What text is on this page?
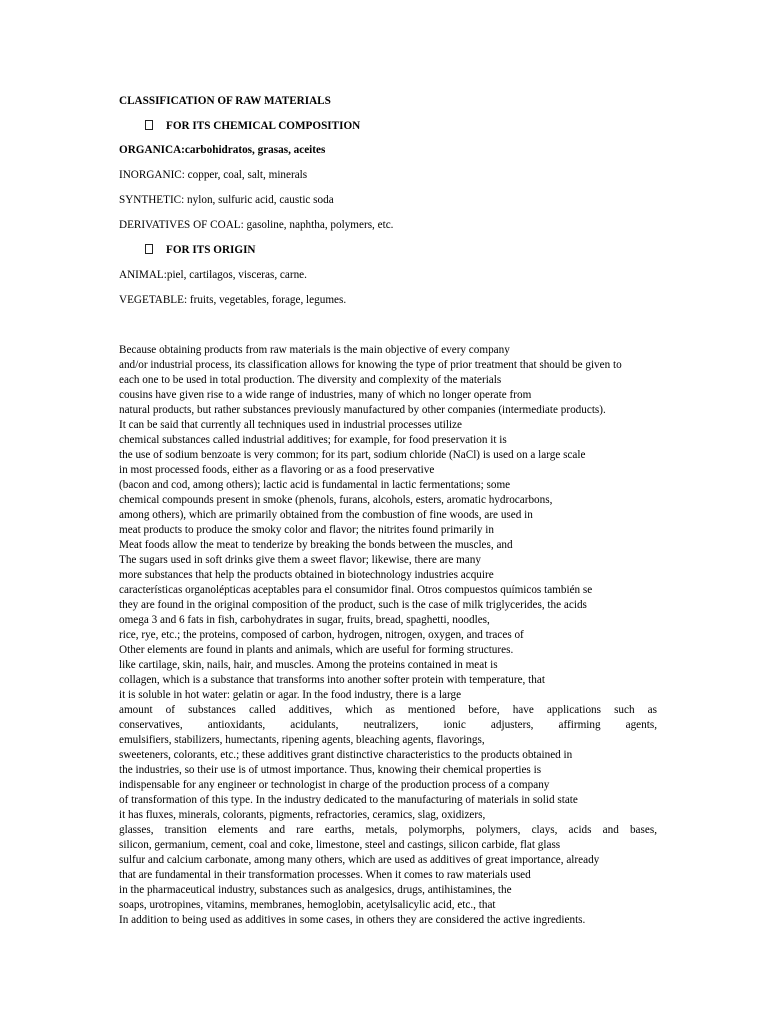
CLASSIFICATION OF RAW MATERIALS
FOR ITS CHEMICAL COMPOSITION
ORGANICA:carbohidratos, grasas, aceites
INORGANIC: copper, coal, salt, minerals
SYNTHETIC: nylon, sulfuric acid, caustic soda
DERIVATIVES OF COAL: gasoline, naphtha, polymers, etc.
FOR ITS ORIGIN
ANIMAL:piel, cartilagos, visceras, carne.
VEGETABLE: fruits, vegetables, forage, legumes.
Because obtaining products from raw materials is the main objective of every company
and/or industrial process, its classification allows for knowing the type of prior treatment that should be given to
each one to be used in total production. The diversity and complexity of the materials
cousins have given rise to a wide range of industries, many of which no longer operate from
natural products, but rather substances previously manufactured by other companies (intermediate products).
It can be said that currently all techniques used in industrial processes utilize
chemical substances called industrial additives; for example, for food preservation it is
the use of sodium benzoate is very common; for its part, sodium chloride (NaCl) is used on a large scale
in most processed foods, either as a flavoring or as a food preservative
(bacon and cod, among others); lactic acid is fundamental in lactic fermentations; some
chemical compounds present in smoke (phenols, furans, alcohols, esters, aromatic hydrocarbons,
among others), which are primarily obtained from the combustion of fine woods, are used in
meat products to produce the smoky color and flavor; the nitrites found primarily in
Meat foods allow the meat to tenderize by breaking the bonds between the muscles, and
The sugars used in soft drinks give them a sweet flavor; likewise, there are many
more substances that help the products obtained in biotechnology industries acquire
características organolépticas aceptables para el consumidor final. Otros compuestos químicos también se
they are found in the original composition of the product, such is the case of milk triglycerides, the acids
omega 3 and 6 fats in fish, carbohydrates in sugar, fruits, bread, spaghetti, noodles,
rice, rye, etc.; the proteins, composed of carbon, hydrogen, nitrogen, oxygen, and traces of
Other elements are found in plants and animals, which are useful for forming structures.
like cartilage, skin, nails, hair, and muscles. Among the proteins contained in meat is
collagen, which is a substance that transforms into another softer protein with temperature, that
it is soluble in hot water: gelatin or agar. In the food industry, there is a large
amount of substances called additives, which as mentioned before, have applications such as
conservatives, antioxidants, acidulants, neutralizers, ionic adjusters, affirming agents,
emulsifiers, stabilizers, humectants, ripening agents, bleaching agents, flavorings,
sweeteners, colorants, etc.; these additives grant distinctive characteristics to the products obtained in
the industries, so their use is of utmost importance. Thus, knowing their chemical properties is
indispensable for any engineer or technologist in charge of the production process of a company
of transformation of this type. In the industry dedicated to the manufacturing of materials in solid state
it has fluxes, minerals, colorants, pigments, refractories, ceramics, slag, oxidizers,
glasses, transition elements and rare earths, metals, polymorphs, polymers, clays, acids and bases,
silicon, germanium, cement, coal and coke, limestone, steel and castings, silicon carbide, flat glass
sulfur and calcium carbonate, among many others, which are used as additives of great importance, already
that are fundamental in their transformation processes. When it comes to raw materials used
in the pharmaceutical industry, substances such as analgesics, drugs, antihistamines, the
soaps, urotropines, vitamins, membranes, hemoglobin, acetylsalicylic acid, etc., that
In addition to being used as additives in some cases, in others they are considered the active ingredients.
